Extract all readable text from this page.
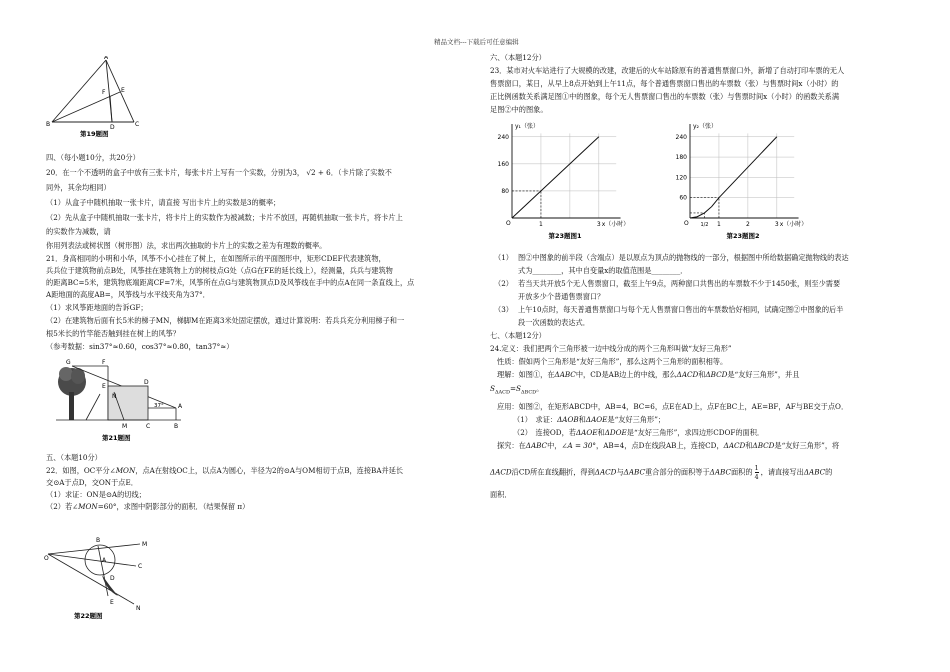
精品文档---下载后可任意编辑
A
B	C
D
E
F
第19题图
四、（每小题10分，共20分）
20．在一个不透明的盒子中放有三张卡片，每张卡片上写有一个实数，分别为3， √2 + 6．（卡片除了实数不
同外，其余均相同）
（1）从盒子中随机抽取一张卡片，请直接 写出卡片上的实数是3的概率；
（2）先从盒子中随机抽取一张卡片，将卡片上的实数作为被减数；卡片不放回，再随机抽取一张卡片，将卡片上
的实数作为减数，请
你用列表法或树状图（树形图）法，求出两次抽取的卡片上的实数之差为有理数的概率。
21．身高相同的小明和小华，风筝不小心挂在了树上，在如图所示的平面图形中，矩形CDEF代表建筑物，
兵兵位于建筑物前点B处，风筝挂在建筑物上方的树枝点G处（点G在FE的延长线上），经测量，兵兵与建筑物
的距离BC=5米，建筑物底端距离CF=7米，风筝所在点G与建筑物顶点D及风筝线在手中的点A在同一条直线上，点
A距地面的高度AB=，风筝线与水平线夹角为37°．
（1）求风筝距地面的告诉GF；
（2）在建筑物后面有长5米的梯子MN，梯脚M在距离3米处固定摆放，通过计算说明：若兵兵充分利用梯子和一
根5米长的竹竿能否触到挂在树上的风筝？
（参考数据：sin37°≈0.60，cos37°≈0.80，tan37°≈）
G	F
D
E
C	B
A
M
N
37°
第21题图
五、（本题10分）
22．如图，OC平分∠MON，点A在射线OC上，以点A为圆心，半径为2的⊙A与OM相切于点B，连接BA并延长
交⊙A于点D，交ON于点E．
（1）求证：ON是⊙A的切线；
（2）若∠MON=60°，求图中阴影部分的面积．（结果保留 π）
O
B
C
A
D
E
M
N
第22题图
六、（本题12分）
23．某市对火车站进行了大规模的改建，改建后的火车站除原有的普通售票窗口外，新增了自动打印车票的无人
售票窗口，某日，从早上8点开始到上午11点，每个普通售票窗口售出的车票数（张）与售票时间x（小时）的
正比例函数关系满足图①中的图象，每个无人售票窗口售出的车票数（张）与售票时间x（小时）的函数关系满
足图②中的图象。
80
160
240
O
y₁（张）
x（小时）
1	3
第23题图1
60
120
180
240
O
y₂（张）
x（小时）
1/2 1	2	3
第23题图2
（1） 图②中图象的前半段（含端点）是以原点为顶点的抛物线的一部分，根据图中所给数据确定抛物线的表达
式为________，其中自变量x的取值范围是________．
（2） 若当天共开放5个无人售票窗口，截至上午9点，两种窗口共售出的车票数不少于1450张，则至少需要
开放多少个普通售票窗口？
（3） 上午10点时，每天普通售票窗口与每个无人售票窗口售出的车票数恰好相同，试确定图②中图象的后半
段一次函数的表达式．
七、（本题12分）
24.定义：我们把两个三角形被一边中线分成的两个三角形叫做“友好三角形”
性质：假如两个三角形是“友好三角形”，那么这两个三角形的面积相等。
理解：如图①，在ΔABC中，CD是AB边上的中线，那么ΔACD和ΔBCD是“友好三角形”，并且
$S_{\Delta ACD}=S_{\Delta BCD}$。
应用：如图②，在矩形ABCD中，AB=4，BC=6，点E在AD上，点F在BC上，AE=BF，AF与BE交于点O．
（1）　求证：ΔAOB和ΔAOE是“友好三角形”；
（2）　连接OD，若ΔAOE和ΔDOE是“友好三角形”，求四边形CDOF的面积．
探究：在ΔABC中，∠A = 30°，AB=4，点D在线段AB上，连接CD，ΔACD和ΔBCD是“友好三角形”，将
ΔACD沿CD所在直线翻折，得到ΔACD与ΔABC重合部分的面积等于ΔABC面积的 $\frac{1}{4}$ ，请直接写出ΔABC的
面积．
